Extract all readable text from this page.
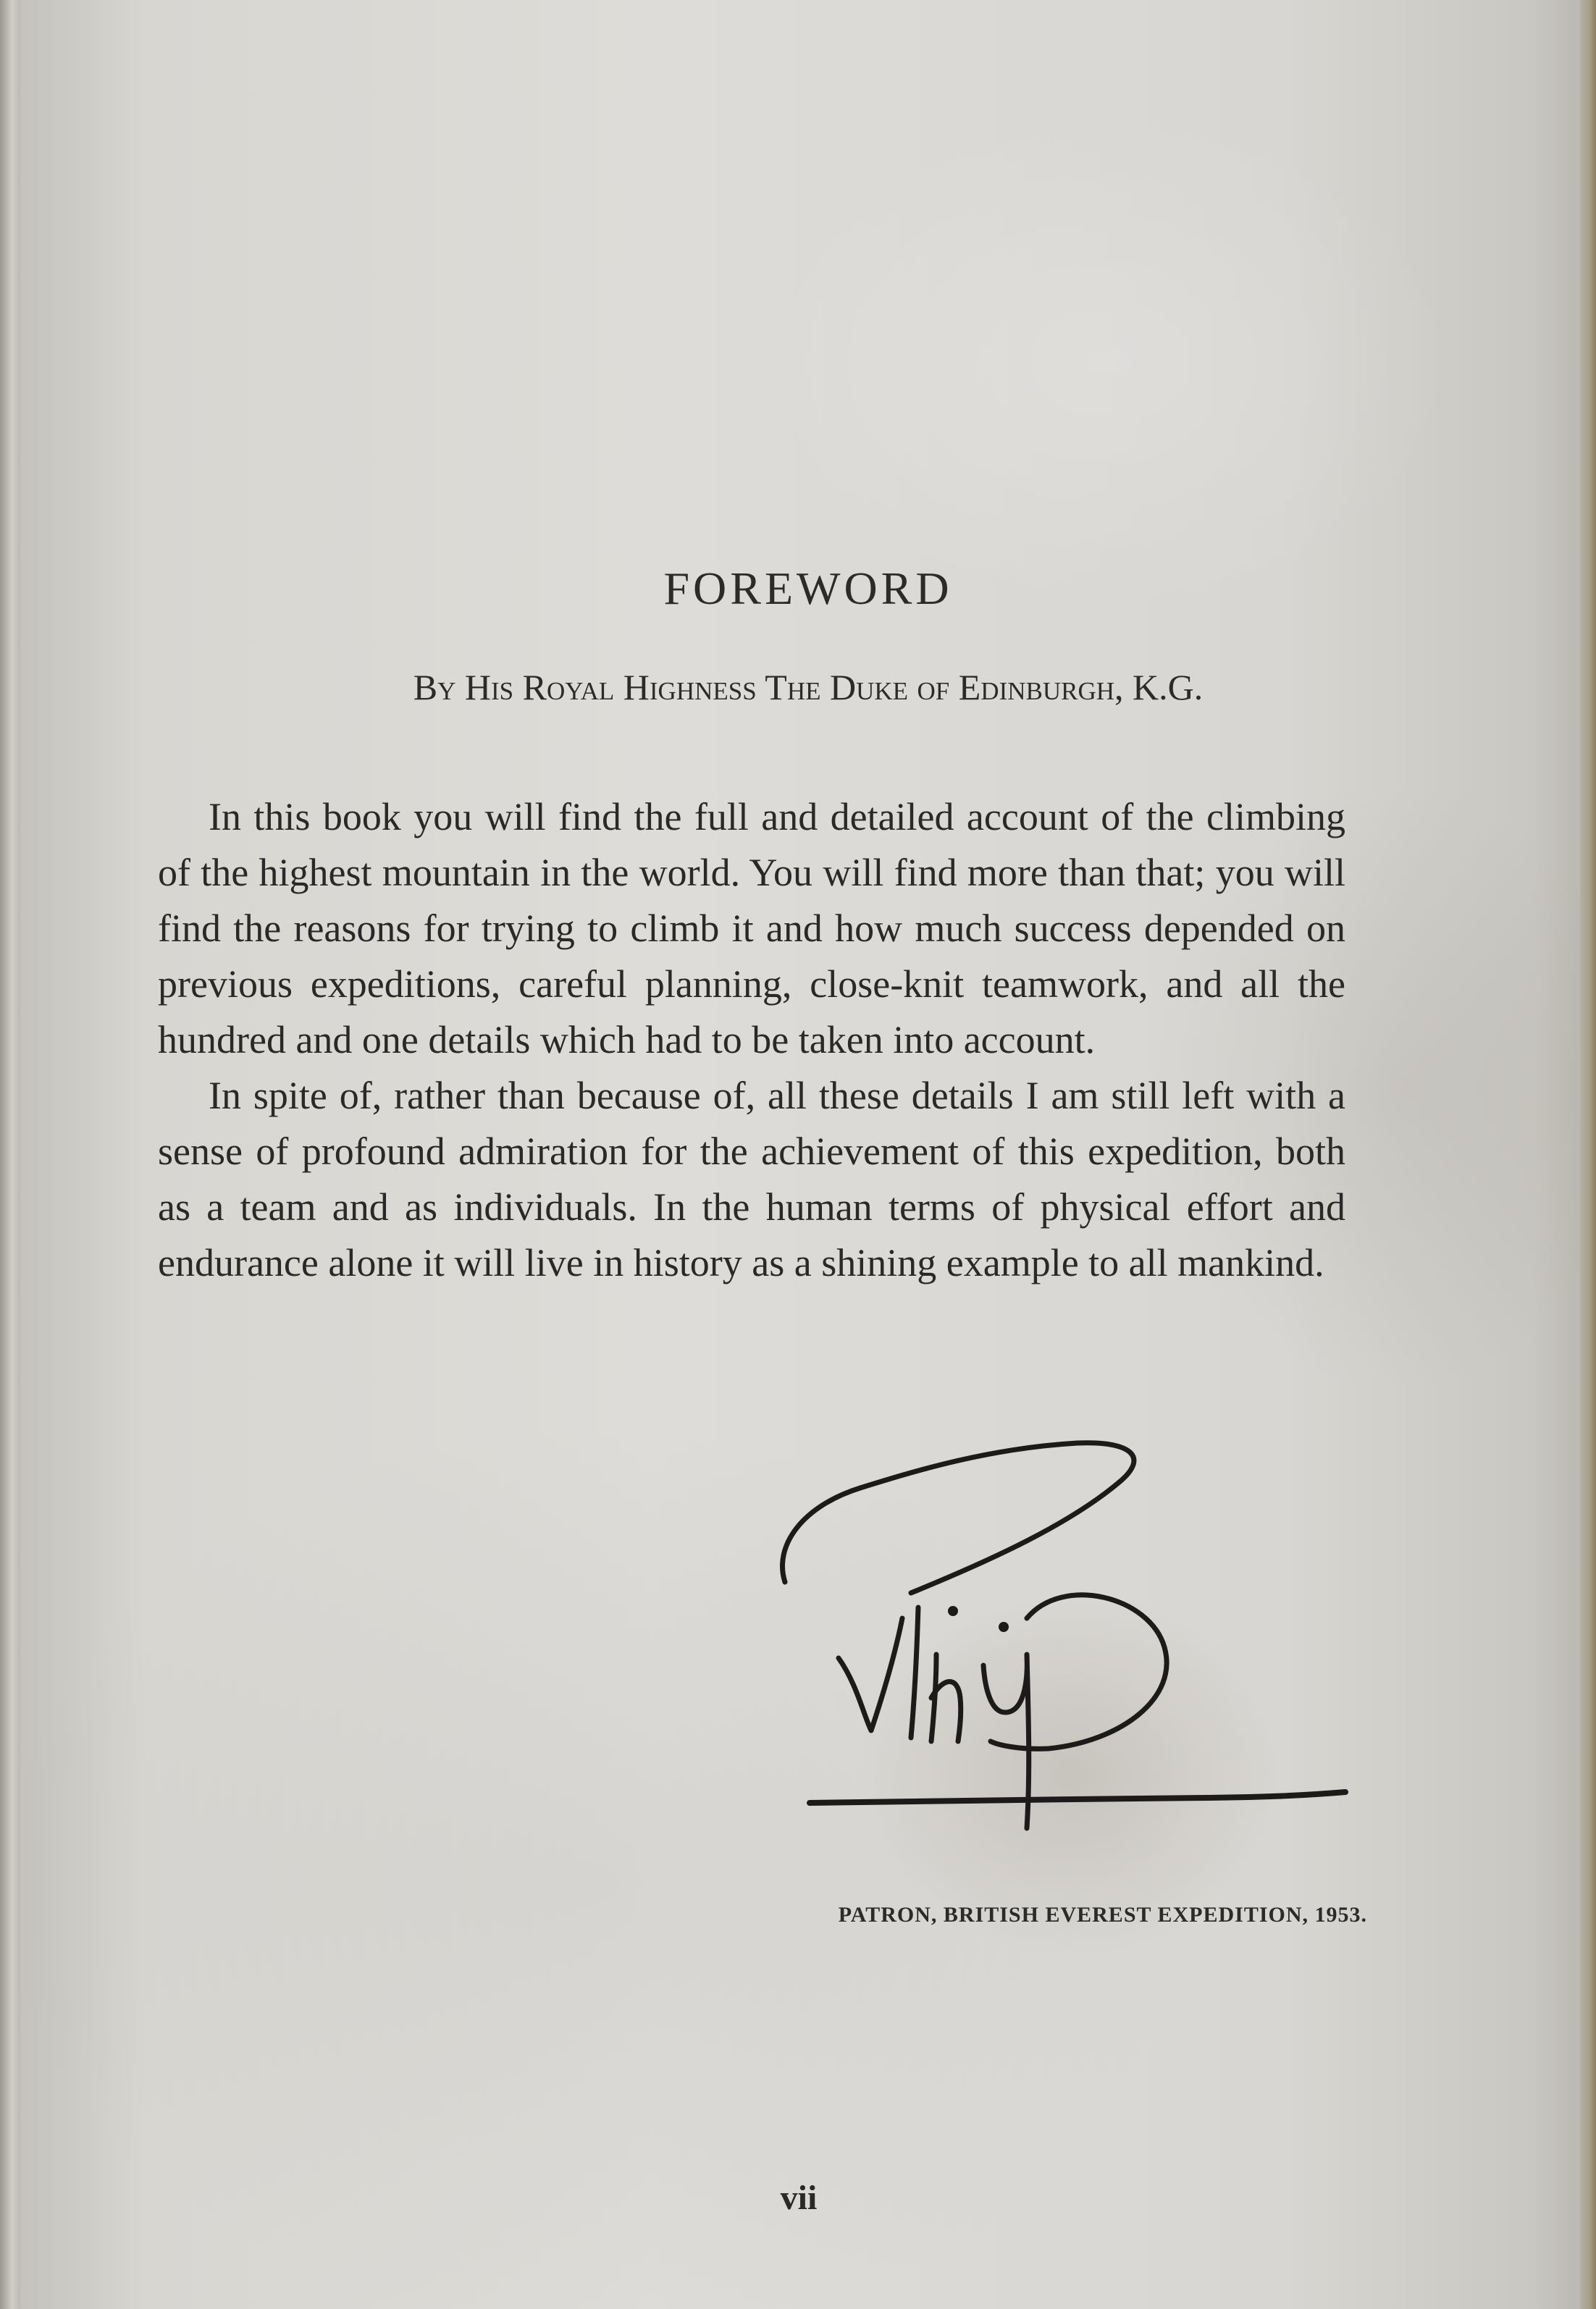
FOREWORD
By His Royal Highness The Duke of Edinburgh, K.G.

In this book you will find the full and detailed account of the climbing of the highest mountain in the world. You will find more than that; you will find the reasons for trying to climb it and how much success depended on previous expeditions, careful planning, close-knit teamwork, and all the hundred and one details which had to be taken into account.

In spite of, rather than because of, all these details I am still left with a sense of profound admiration for the achievement of this expedition, both as a team and as individuals. In the human terms of physical effort and endurance alone it will live in history as a shining example to all mankind.

PATRON, BRITISH EVEREST EXPEDITION, 1953.
vii
